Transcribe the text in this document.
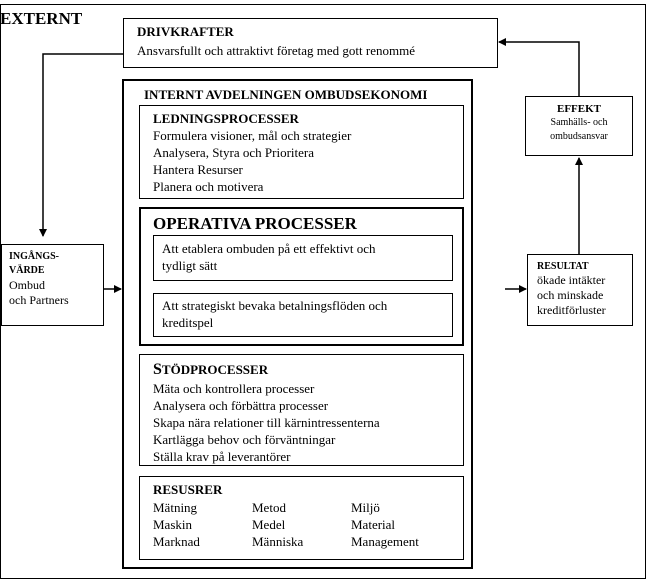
EXTERNT
DRIVKRAFTER
Ansvarsfullt och attraktivt företag med gott renommé
INTERNT AVDELNINGEN OMBUDSEKONOMI
LEDNINGSPROCESSER
Formulera visioner, mål och strategier
Analysera, Styra och Prioritera
Hantera Resurser
Planera och motivera
OPERATIVA PROCESSER
Att etablera ombuden på ett effektivt och
tydligt sätt
Att strategiskt bevaka betalningsflöden och
kreditspel
STÖDPROCESSER
Mäta och kontrollera processer
Analysera och förbättra processer
Skapa nära relationer till kärnintressenterna
Kartlägga behov och förväntningar
Ställa krav på leverantörer
RESUSRER
Mätning	Metod	Miljö
Maskin	Medel	Material
Marknad	Människa	Management
INGÅNGS-
VÄRDE
Ombud
och Partners
EFFEKT
Samhälls- och
ombudsansvar
RESULTAT
ökade intäkter
och minskade
kreditförluster
